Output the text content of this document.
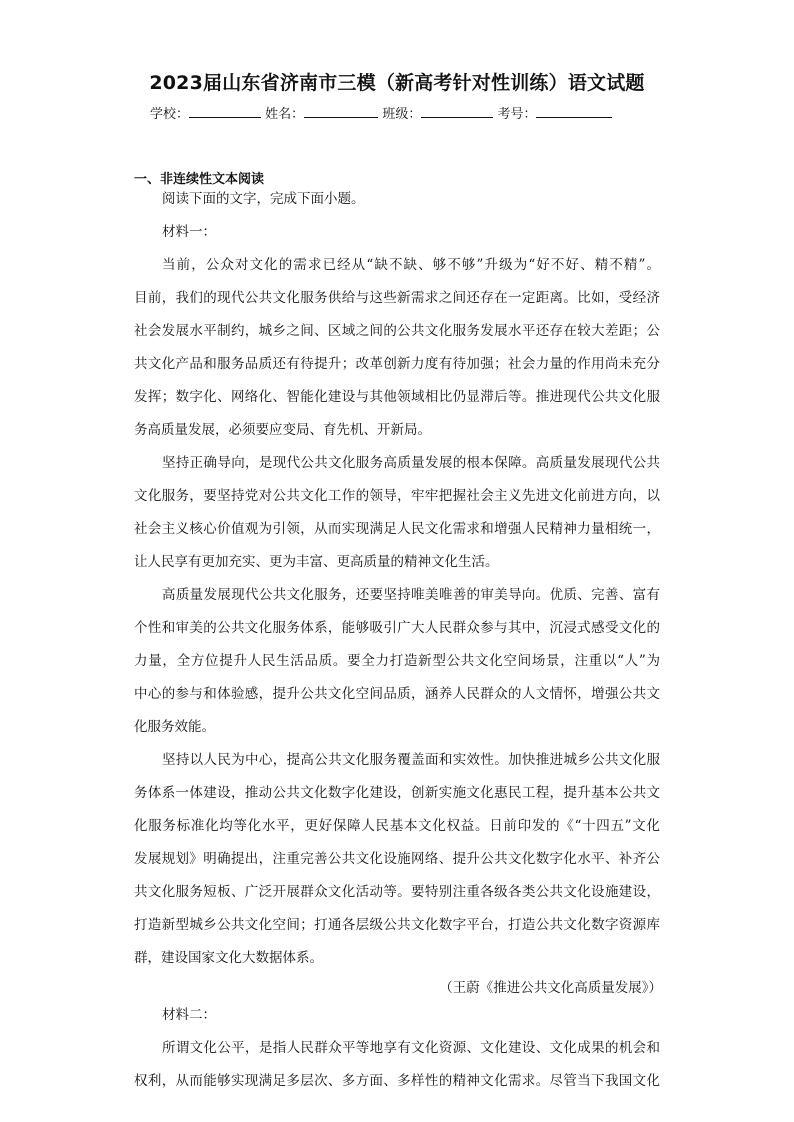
2023届山东省济南市三模（新高考针对性训练）语文试题
学校：	姓名：	班级：	考号：
一、非连续性文本阅读
阅读下面的文字，完成下面小题。
材料一：
当前，公众对文化的需求已经从“缺不缺、够不够”升级为“好不好、精不精”。
目前，我们的现代公共文化服务供给与这些新需求之间还存在一定距离。比如，受经济
社会发展水平制约，城乡之间、区域之间的公共文化服务发展水平还存在较大差距；公
共文化产品和服务品质还有待提升；改革创新力度有待加强；社会力量的作用尚未充分
发挥；数字化、网络化、智能化建设与其他领域相比仍显滞后等。推进现代公共文化服
务高质量发展，必须要应变局、育先机、开新局。
坚持正确导向，是现代公共文化服务高质量发展的根本保障。高质量发展现代公共
文化服务，要坚持党对公共文化工作的领导，牢牢把握社会主义先进文化前进方向，以
社会主义核心价值观为引领，从而实现满足人民文化需求和增强人民精神力量相统一，
让人民享有更加充实、更为丰富、更高质量的精神文化生活。
高质量发展现代公共文化服务，还要坚持唯美唯善的审美导向。优质、完善、富有
个性和审美的公共文化服务体系，能够吸引广大人民群众参与其中，沉浸式感受文化的
力量，全方位提升人民生活品质。要全力打造新型公共文化空间场景，注重以“人”为
中心的参与和体验感，提升公共文化空间品质，涵养人民群众的人文情怀，增强公共文
化服务效能。
坚持以人民为中心，提高公共文化服务覆盖面和实效性。加快推进城乡公共文化服
务体系一体建设，推动公共文化数字化建设，创新实施文化惠民工程，提升基本公共文
化服务标准化均等化水平，更好保障人民基本文化权益。日前印发的《“十四五”文化
发展规划》明确提出，注重完善公共文化设施网络、提升公共文化数字化水平、补齐公
共文化服务短板、广泛开展群众文化活动等。要特别注重各级各类公共文化设施建设，
打造新型城乡公共文化空间；打通各层级公共文化数字平台，打造公共文化数字资源库
群，建设国家文化大数据体系。
（王蔚《推进公共文化高质量发展》）
材料二：
所谓文化公平，是指人民群众平等地享有文化资源、文化建设、文化成果的机会和
权利，从而能够实现满足多层次、多方面、多样性的精神文化需求。尽管当下我国文化
